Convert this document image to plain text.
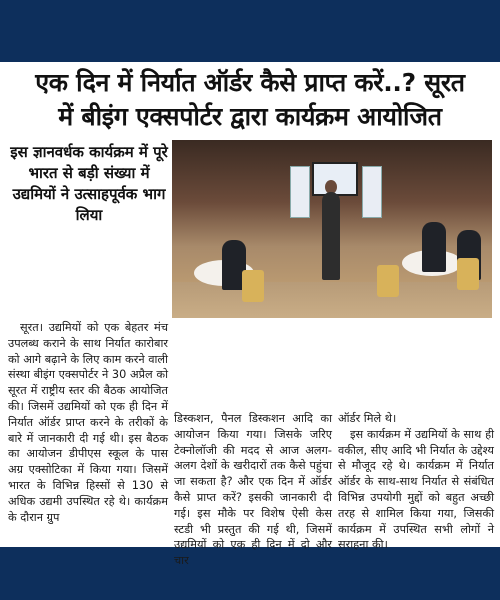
एक दिन में निर्यात ऑर्डर कैसे प्राप्त करें..? सूरत
में बीइंग एक्सपोर्टर द्वारा कार्यक्रम आयोजित
इस ज्ञानवर्धक कार्यक्रम में पूरे भारत से बड़ी संख्या में उद्यमियों ने उत्साहपूर्वक भाग लिया

सूरत। उद्यमियों को एक बेहतर मंच उपलब्ध कराने के साथ निर्यात कारोबार को आगे बढ़ाने के लिए काम करने वाली संस्था बीइंग एक्सपोर्टर ने 30 अप्रैल को सूरत में राष्ट्रीय स्तर की बैठक आयोजित की। जिसमें उद्यमियों को एक ही दिन में निर्यात ऑर्डर प्राप्त करने के तरीकों के बारे में जानकारी दी गई थी। इस बैठक का आयोजन डीपीएस स्कूल के पास अग्र एक्सोटिका में किया गया। जिसमें भारत के विभिन्न हिस्सों से 130 से अधिक उद्यमी उपस्थित रहे थे। कार्यक्रम के दौरान ग्रुप

डिस्कशन, पैनल डिस्कशन आदि का आयोजन किया गया। जिसके जरिए टेक्नोलॉजी की मदद से आज अलग-अलग देशों के खरीदारों तक कैसे पहुंचा जा सकता है? और एक दिन में ऑर्डर कैसे प्राप्त करें? इसकी जानकारी दी गई। इस मौके पर विशेष ऐसी केस स्टडी भी प्रस्तुत की गई थी, जिसमें उद्यमियों को एक ही दिन में दो और चार

ऑर्डर मिले थे।

इस कार्यक्रम में उद्यमियों के साथ ही वकील, सीए आदि भी निर्यात के उद्देश्य से मौजूद रहे थे। कार्यक्रम में निर्यात ऑर्डर के साथ-साथ निर्यात से संबंधित विभिन्न उपयोगी मुद्दों को बहुत अच्छी तरह से शामिल किया गया, जिसकी कार्यक्रम में उपस्थित सभी लोगों ने सराहना की।
